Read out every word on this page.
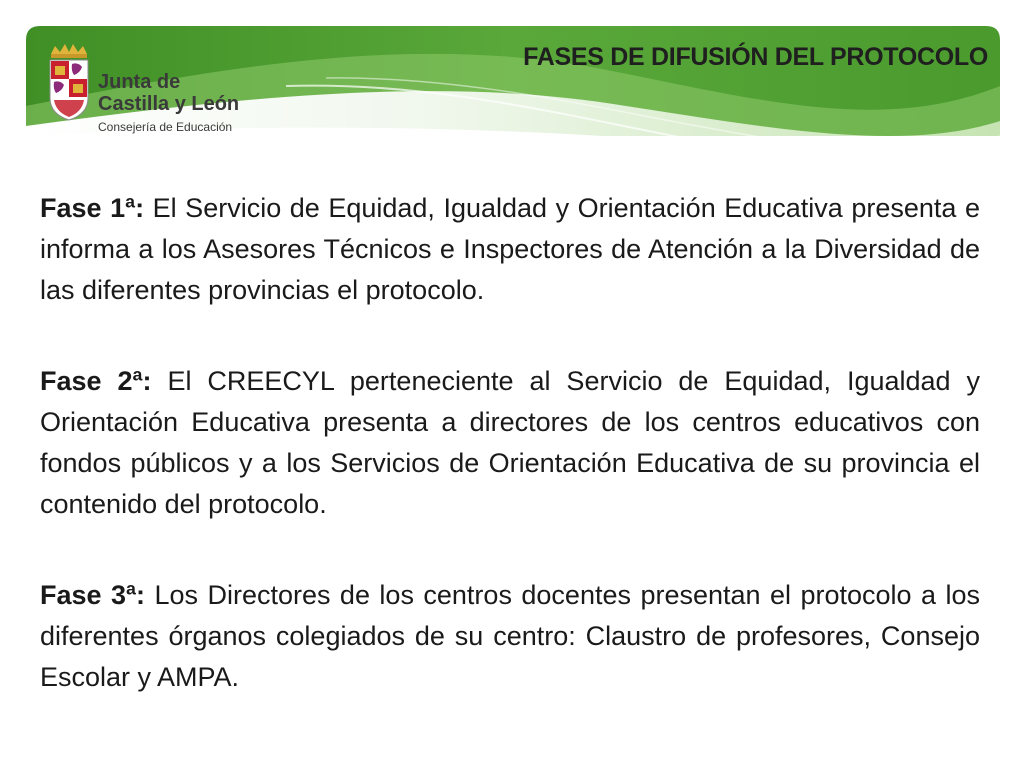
Junta de
Castilla y León
Consejería de Educación
FASES DE DIFUSIÓN DEL PROTOCOLO

Fase 1ª: El Servicio de Equidad, Igualdad y Orientación Educativa presenta e informa a los Asesores Técnicos e Inspectores de Atención a la Diversidad de las diferentes provincias el protocolo.

Fase 2ª: El CREECYL perteneciente al Servicio de Equidad, Igualdad y Orientación Educativa presenta a directores de los centros educativos con fondos públicos y a los Servicios de Orientación Educativa de su provincia el contenido del protocolo.

Fase 3ª: Los Directores de los centros docentes presentan el protocolo a los diferentes órganos colegiados de su centro: Claustro de profesores, Consejo Escolar y AMPA.
